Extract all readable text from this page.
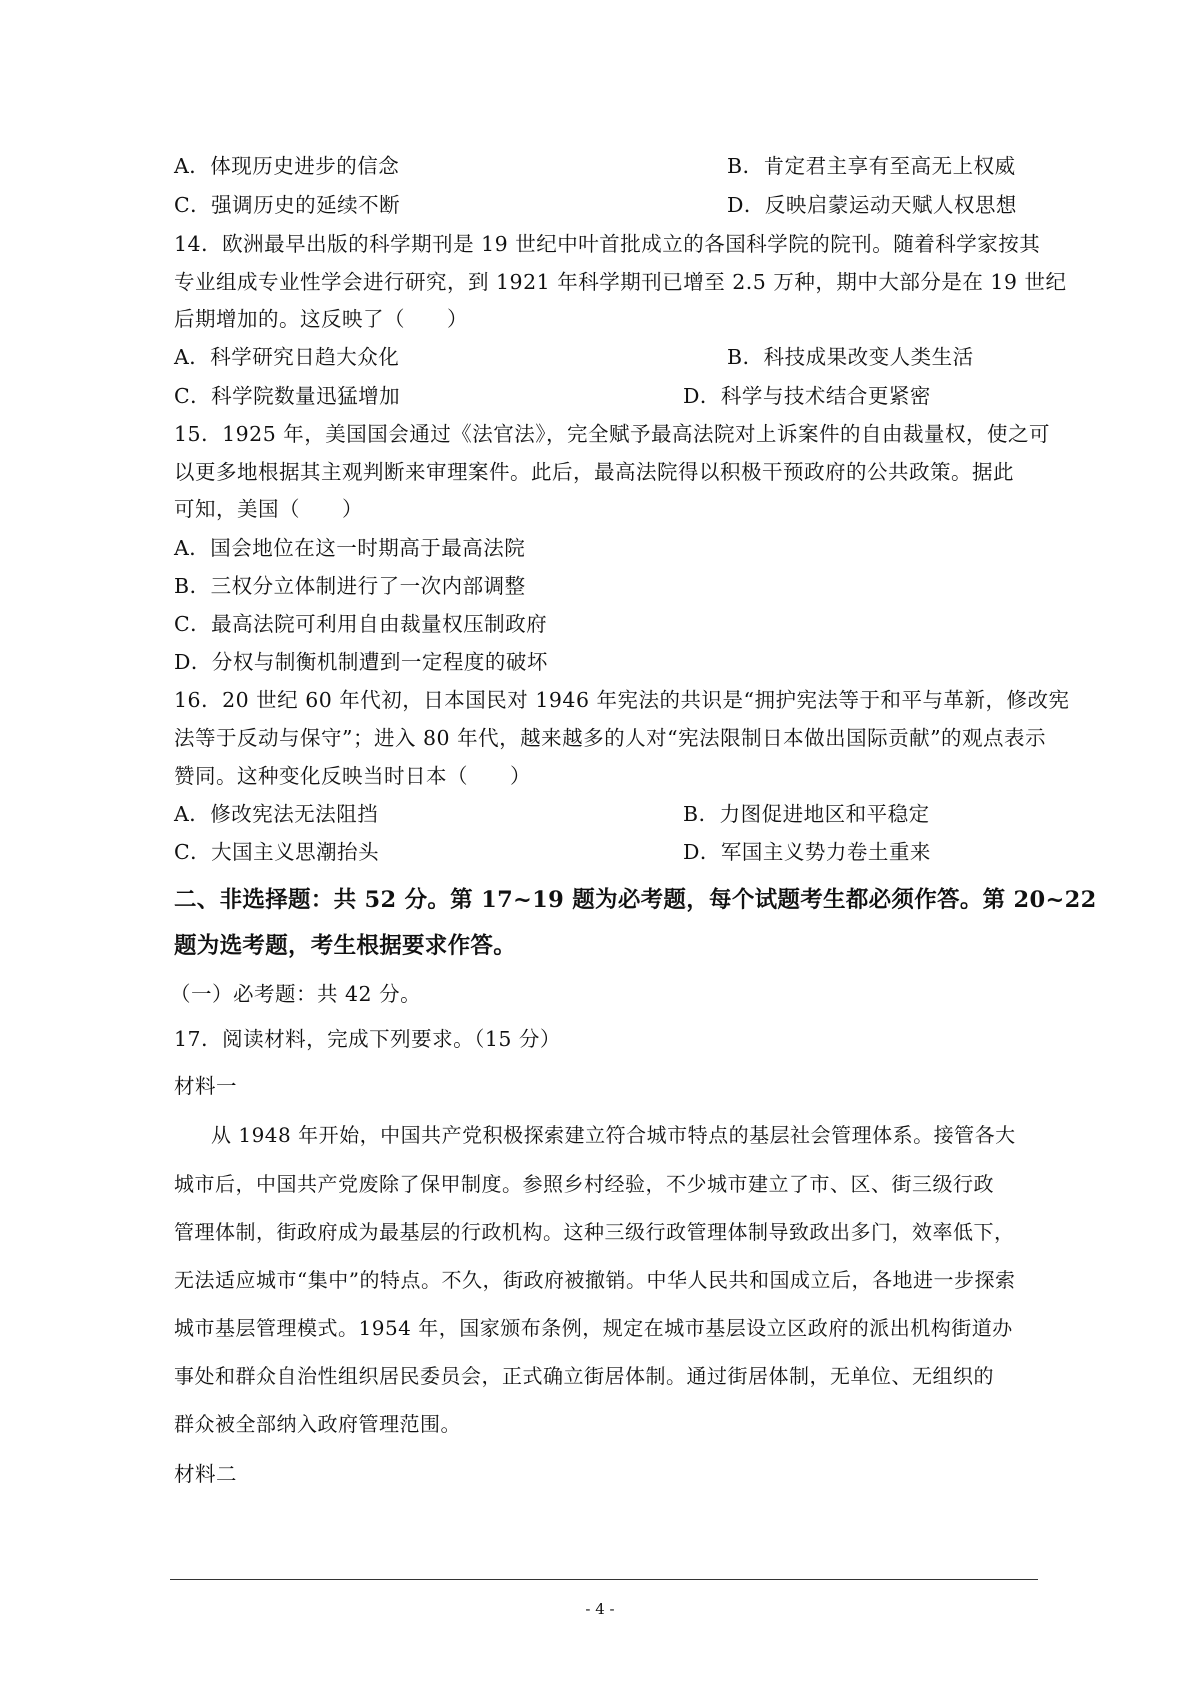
A．体现历史进步的信念	B．肯定君主享有至高无上权威
C．强调历史的延续不断	D．反映启蒙运动天赋人权思想
14．欧洲最早出版的科学期刊是 19 世纪中叶首批成立的各国科学院的院刊。随着科学家按其
专业组成专业性学会进行研究，到 1921 年科学期刊已增至 2.5 万种，期中大部分是在 19 世纪
后期增加的。这反映了（　　）
A．科学研究日趋大众化	B．科技成果改变人类生活
C．科学院数量迅猛增加	D．科学与技术结合更紧密
15．1925 年，美国国会通过《法官法》，完全赋予最高法院对上诉案件的自由裁量权，使之可
以更多地根据其主观判断来审理案件。此后，最高法院得以积极干预政府的公共政策。据此
可知，美国（　　）
A．国会地位在这一时期高于最高法院
B．三权分立体制进行了一次内部调整
C．最高法院可利用自由裁量权压制政府
D．分权与制衡机制遭到一定程度的破坏
16．20 世纪 60 年代初，日本国民对 1946 年宪法的共识是“拥护宪法等于和平与革新，修改宪
法等于反动与保守”；进入 80 年代，越来越多的人对“宪法限制日本做出国际贡献”的观点表示
赞同。这种变化反映当时日本（　　）
A．修改宪法无法阻挡	B．力图促进地区和平稳定
C．大国主义思潮抬头	D．军国主义势力卷土重来
二、非选择题：共 52 分。第 17~19 题为必考题，每个试题考生都必须作答。第 20~22
题为选考题，考生根据要求作答。
（一）必考题：共 42 分。
17．阅读材料，完成下列要求。（15 分）
材料一
从 1948 年开始，中国共产党积极探索建立符合城市特点的基层社会管理体系。接管各大
城市后，中国共产党废除了保甲制度。参照乡村经验，不少城市建立了市、区、街三级行政
管理体制，街政府成为最基层的行政机构。这种三级行政管理体制导致政出多门，效率低下，
无法适应城市“集中”的特点。不久，街政府被撤销。中华人民共和国成立后，各地进一步探索
城市基层管理模式。1954 年，国家颁布条例，规定在城市基层设立区政府的派出机构街道办
事处和群众自治性组织居民委员会，正式确立街居体制。通过街居体制，无单位、无组织的
群众被全部纳入政府管理范围。
材料二
- 4 -
